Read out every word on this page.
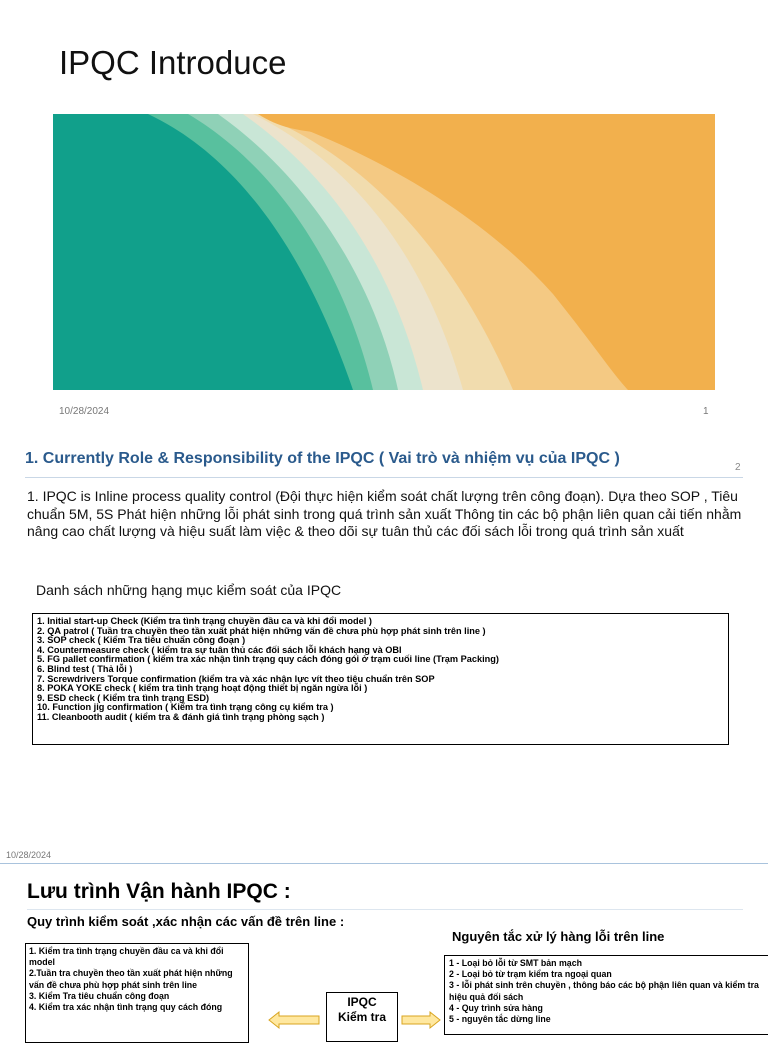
IPQC Introduce
10/28/2024	1
1. Currently Role & Responsibility of the IPQC ( Vai trò và nhiệm vụ của IPQC )
2
1. IPQC is Inline process quality control (Đội thực hiện kiểm soát chất lượng trên công đoạn). Dựa theo SOP , Tiêu chuẩn 5M, 5S Phát hiện những lỗi phát sinh trong quá trình sản xuất Thông tin các bộ phận liên quan cải tiến nhằm nâng cao chất lượng và hiệu suất làm việc & theo dõi sự tuân thủ các đối sách lỗi trong quá trình sản xuất
Danh sách những hạng mục kiểm soát của IPQC
1. Initial start-up Check (Kiểm tra tình trạng chuyền đầu ca và khi đổi model )
2. QA patrol ( Tuần tra chuyền theo tần xuất phát hiện những vấn đề chưa phù hợp phát sinh trên line )
3. SOP check ( Kiểm Tra tiêu chuẩn công đoạn )
4. Countermeasure check ( kiểm tra sự tuân thủ các đối sách lỗi khách hạng và OBI
5. FG pallet confirmation ( kiểm tra xác nhận tình trạng quy cách đóng gói ở trạm cuối line (Trạm Packing)
6. Blind test ( Thả lỗi )
7. Screwdrivers Torque confirmation (kiểm tra và xác nhận lực vít theo tiêu chuẩn trên SOP
8. POKA YOKE check ( kiểm tra tình trạng hoạt động thiết bị ngăn ngừa lỗi )
9. ESD check ( Kiểm tra tình trạng ESD)
10. Function jig confirmation ( Kiểm tra tình trạng công cụ kiểm tra )
11. Cleanbooth audit ( kiểm tra & đánh giá tình trạng phòng sạch )
10/28/2024
Lưu trình Vận hành IPQC :
Quy trình kiểm soát ,xác nhận các vấn đề trên line :
Nguyên tắc xử lý hàng lỗi trên line
1. Kiểm tra tình trạng chuyền đầu ca và khi đổi model
2.Tuần tra chuyền theo tần xuất phát hiện những vấn đề chưa phù hợp phát sinh trên line
3. Kiểm Tra tiêu chuẩn công đoạn
4. Kiểm tra xác nhận tình trạng quy cách đóng	IPQC
Kiểm tra
1 - Loại bỏ lỗi từ SMT bản mạch
2 - Loại bỏ từ trạm kiểm tra ngoại quan
3 - lỗi phát sinh trên chuyền , thông báo các bộ phận liên quan và kiểm tra hiệu quả đối sách
4 - Quy trình sửa hàng
5 - nguyên tắc dừng line
